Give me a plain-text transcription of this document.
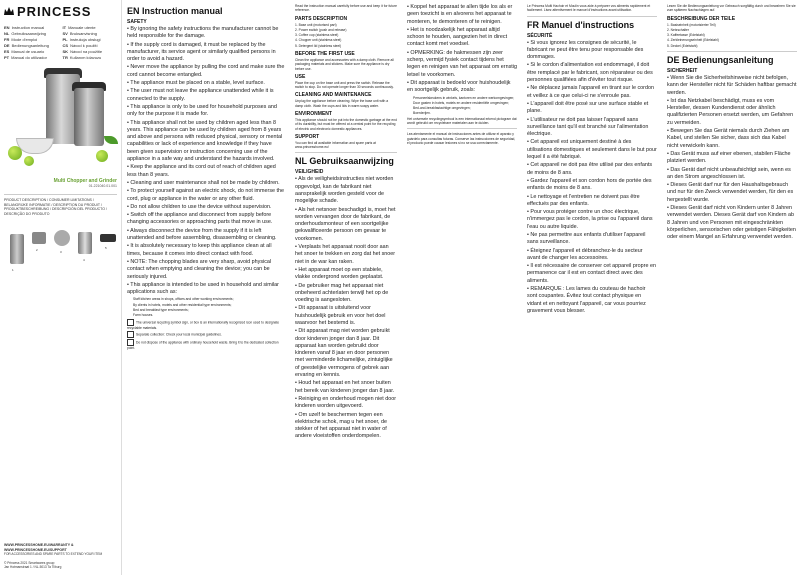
PRINCESS
EN Instruction manual	IT Manuale utente
NL Gebruiksaanwijzing	SV Bruksanvisning
FR Mode d'emploi	PL Instrukcja obsługi
DE Bedienungsanleitung	CS Návod k použití
ES Manual de usuario	SK Návod na použitie
PT Manual do utilizador	TR Kullanım kılavuzu
Multi Chopper and Grinder
01.221040.01.001
PRODUCT DESCRIPTION / CONSUMER LIMITATIONS / BELANGRIJKE INFORMATIE / DESCRIPTION DU PRODUIT / PRODUKTBESCHREIBUNG / DESCRIPCIÓN DEL PRODUCTO / DESCRIÇÃO DO PRODUTO
1
2	3
4
5
WWW.PRINCESSHOME.EU/WARRANTY & WWW.PRINCESSHOME.EU/SUPPORT
FOR ACCESSORIES AND SPARE PARTS TO EXTEND YOUR ITEM

© Princess 2021 Smartwares group
Jan Hotmanstraat 1 / NL-5013 Ta Tilburg
EN Instruction manual
SAFETY
• By ignoring the safety instructions the manufacturer cannot be held responsible for the damage.
• If the supply cord is damaged, it must be replaced by the manufacturer, its service agent or similarly qualified persons in order to avoid a hazard.
• Never move the appliance by pulling the cord and make sure the cord cannot become entangled.
• The appliance must be placed on a stable, level surface.
• The user must not leave the appliance unattended while it is connected to the supply.
• This appliance is only to be used for household purposes and only for the purpose it is made for.
• This appliance shall not be used by children aged less than 8 years. This appliance can be used by children aged from 8 years and above and persons with reduced physical, sensory or mental capabilities or lack of experience and knowledge if they have been given supervision or instruction concerning use of the appliance in a safe way and understand the hazards involved.
• Keep the appliance and its cord out of reach of children aged less than 8 years.
• Cleaning and user maintenance shall not be made by children.
• To protect yourself against an electric shock, do not immerse the cord, plug or appliance in the water or any other fluid.
• Do not allow children to use the device without supervision.
• Switch off the appliance and disconnect from supply before changing accessories or approaching parts that move in use.
• Always disconnect the device from the supply if it is left unattended and before assembling, disassembling or cleaning.
• It is absolutely necessary to keep this appliance clean at all times, because it comes into direct contact with food.
• NOTE: The chopping blades are very sharp, avoid physical contact when emptying and cleaning the device; you can be seriously injured.
• This appliance is intended to be used in household and similar applications such as:
Staff kitchen areas in shops, offices and other working environments;
By clients in hotels, motels and other residential type environments;
Bed and breakfast type environments;
Farm houses.
The universal recycling symbol sign, or box is an internationally recognized icon used to designate recyclable materials.
Separate collection: Check your local municipal guidelines.
Do not dispose of the appliance with ordinary household waste. Bring it to the dedicated collection point.
Read the instruction manual carefully before use and keep it for future reference.
PARTS DESCRIPTION
1. Base unit (motorised part)
2. Power switch (push and release)
3. Coffee cup (stainless steel)
4. Chopper unit (stainless steel)
5. Detergent lid (stainless steel)
BEFORE THE FIRST USE
Clean the appliance and accessories with a damp cloth. Remove all packaging materials and stickers. Make sure the appliance is dry before use.
USE
Place the cup on the base unit and press the switch. Release the switch to stop. Do not operate longer than 30 seconds continuously.
CLEANING AND MAINTENANCE
Unplug the appliance before cleaning. Wipe the base unit with a damp cloth. Wash the cups and lids in warm soapy water.
ENVIRONMENT
This appliance should not be put into the domestic garbage at the end of its durability, but must be offered at a central point for the recycling of electric and electronic domestic appliances.
SUPPORT
You can find all available information and spare parts at www.princesshome.eu!
NL Gebruiksaanwijzing
VEILIGHEID
• Als de veiligheidsinstructies niet worden opgevolgd, kan de fabrikant niet aansprakelijk worden gesteld voor de mogelijke schade.
• Als het netsnoer beschadigd is, moet het worden vervangen door de fabrikant, de onderhoudsmonteur of een soortgelijke gekwalificeerde persoon om gevaar te voorkomen.
• Verplaats het apparaat nooit door aan het snoer te trekken en zorg dat het snoer niet in de war kan raken.
• Het apparaat moet op een stabiele, vlakke ondergrond worden geplaatst.
• De gebruiker mag het apparaat niet onbeheerd achterlaten terwijl het op de voeding is aangesloten.
• Dit apparaat is uitsluitend voor huishoudelijk gebruik en voor het doel waarvoor het bestemd is.
• Dit apparaat mag niet worden gebruikt door kinderen jonger dan 8 jaar. Dit apparaat kan worden gebruikt door kinderen vanaf 8 jaar en door personen met verminderde lichamelijke, zintuiglijke of geestelijke vermogens of gebrek aan ervaring en kennis.
• Houd het apparaat en het snoer buiten het bereik van kinderen jonger dan 8 jaar.
• Reiniging en onderhoud mogen niet door kinderen worden uitgevoerd.
• Om uzelf te beschermen tegen een elektrische schok, mag u het snoer, de stekker of het apparaat niet in water of andere vloeistoffen onderdompelen.
• Koppel het apparaat te allen tijde los als er geen toezicht is en alvorens het apparaat te monteren, te demonteren of te reinigen.
• Het is noodzakelijk het apparaat altijd schoon te houden, aangezien het in direct contact komt met voedsel.
• OPMERKING: de hakmessen zijn zeer scherp, vermijd fysiek contact tijdens het legen en reinigen van het apparaat om ernstig letsel te voorkomen.
• Dit apparaat is bedoeld voor huishoudelijk en soortgelijk gebruik, zoals:
Personeelskeukens in winkels, kantoren en andere werkomgevingen;
Door gasten in hotels, motels en andere residentiële omgevingen;
Bed-and-breakfastachtige omgevingen;
Boerderijen.
Het universele recyclingsymbool is een internationaal erkend pictogram dat wordt gebruikt om recyclebare materialen aan te duiden.
Lea atentamente el manual de instrucciones antes de utilizar el aparato y guárdelo para consultas futuras. Conserve las instrucciones de seguridad, el producto puede causar lesiones si no se usa correctamente.
Le Princess Multi Hachoir et Moulin vous aide à préparer vos aliments rapidement et facilement. Lisez attentivement le manuel d'instructions avant utilisation.
FR Manuel d'instructions
SÉCURITÉ
• Si vous ignorez les consignes de sécurité, le fabricant ne peut être tenu pour responsable des dommages.
• Si le cordon d'alimentation est endommagé, il doit être remplacé par le fabricant, son réparateur ou des personnes qualifiées afin d'éviter tout risque.
• Ne déplacez jamais l'appareil en tirant sur le cordon et veillez à ce que celui-ci ne s'enroule pas.
• L'appareil doit être posé sur une surface stable et plane.
• L'utilisateur ne doit pas laisser l'appareil sans surveillance tant qu'il est branché sur l'alimentation électrique.
• Cet appareil est uniquement destiné à des utilisations domestiques et seulement dans le but pour lequel il a été fabriqué.
• Cet appareil ne doit pas être utilisé par des enfants de moins de 8 ans.
• Gardez l'appareil et son cordon hors de portée des enfants de moins de 8 ans.
• Le nettoyage et l'entretien ne doivent pas être effectués par des enfants.
• Pour vous protéger contre un choc électrique, n'immergez pas le cordon, la prise ou l'appareil dans l'eau ou autre liquide.
• Ne pas permettre aux enfants d'utiliser l'appareil sans surveillance.
• Éteignez l'appareil et débranchez-le du secteur avant de changer les accessoires.
• Il est nécessaire de conserver cet appareil propre en permanence car il est en contact direct avec des aliments.
• REMARQUE : Les lames du couteau de hachoir sont coupantes. Évitez tout contact physique en vidant et en nettoyant l'appareil, car vous pourriez gravement vous blesser.
Lesen Sie die Bedienungsanleitung vor Gebrauch sorgfältig durch und bewahren Sie sie zum späteren Nachschlagen auf.
BESCHREIBUNG DER TEILE
1. Basiseinheit (motorisierter Teil)
2. Netzschalter
3. Kaffeetasse (Edelstahl)
4. Zerkleinerungseinheit (Edelstahl)
5. Deckel (Edelstahl)
DE Bedienungsanleitung
SICHERHEIT
• Wenn Sie die Sicherheitshinweise nicht befolgen, kann der Hersteller nicht für Schäden haftbar gemacht werden.
• Ist das Netzkabel beschädigt, muss es vom Hersteller, dessen Kundendienst oder ähnlich qualifizierten Personen ersetzt werden, um Gefahren zu vermeiden.
• Bewegen Sie das Gerät niemals durch Ziehen am Kabel, und stellen Sie sicher, dass sich das Kabel nicht verwickeln kann.
• Das Gerät muss auf einer ebenen, stabilen Fläche platziert werden.
• Das Gerät darf nicht unbeaufsichtigt sein, wenn es an den Strom angeschlossen ist.
• Dieses Gerät darf nur für den Haushaltsgebrauch und nur für den Zweck verwendet werden, für den es hergestellt wurde.
• Dieses Gerät darf nicht von Kindern unter 8 Jahren verwendet werden. Dieses Gerät darf von Kindern ab 8 Jahren und von Personen mit eingeschränkten körperlichen, sensorischen oder geistigen Fähigkeiten oder einem Mangel an Erfahrung verwendet werden.
